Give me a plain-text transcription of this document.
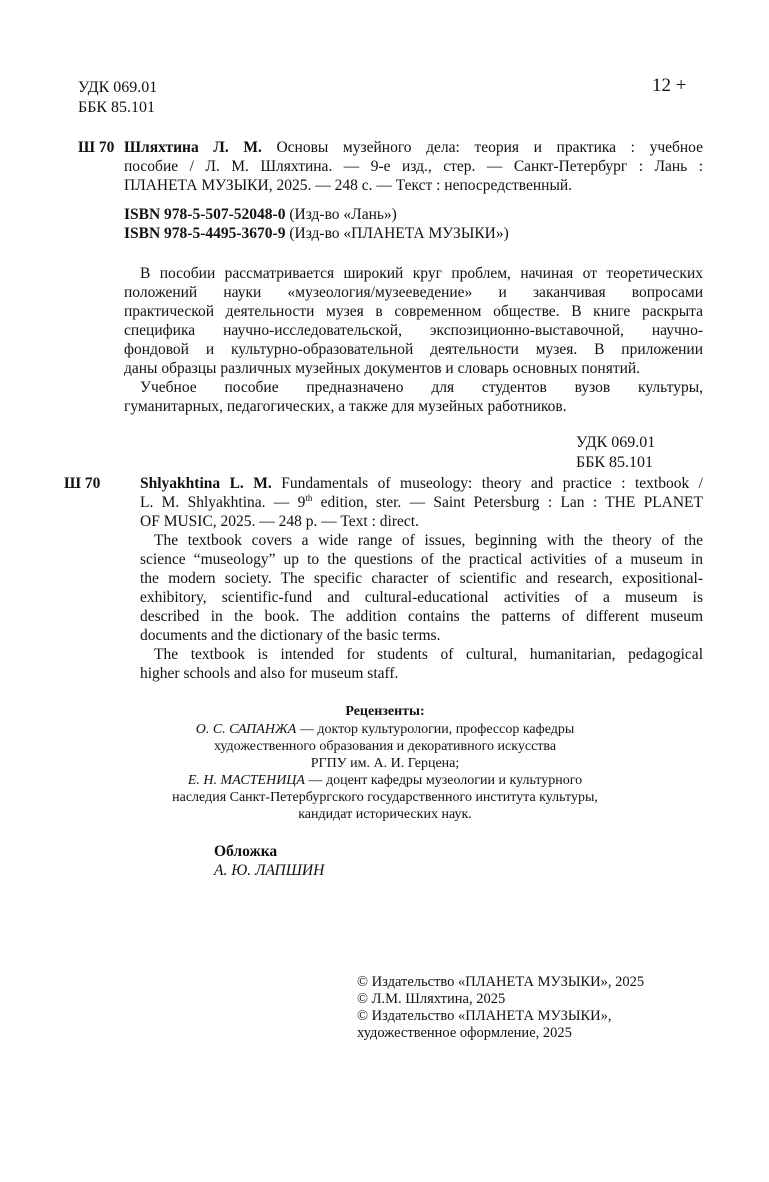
УДК 069.01
ББК 85.101
12 +
Ш 70 Шляхтина Л. М. Основы музейного дела: теория и практика : учебное
пособие / Л. М. Шляхтина. — 9-е изд., стер. — Санкт-Петербург : Лань :
ПЛАНЕТА МУЗЫКИ, 2025. — 248 с. — Текст : непосредственный.
ISBN 978-5-507-52048-0 (Изд-во «Лань»)
ISBN 978-5-4495-3670-9 (Изд-во «ПЛАНЕТА МУЗЫКИ»)
В пособии рассматривается широкий круг проблем, начиная от теоретических
положений науки «музеология/музееведение» и заканчивая вопросами
практической деятельности музея в современном обществе. В книге раскрыта
специфика научно-исследовательской, экспозиционно-выставочной, научно-
фондовой и культурно-образовательной деятельности музея. В приложении
даны образцы различных музейных документов и словарь основных понятий.
Учебное пособие предназначено для студентов вузов культуры,
гуманитарных, педагогических, а также для музейных работников.
УДК 069.01
ББК 85.101
Ш 70	Shlyakhtina L. M. Fundamentals of museology: theory and practice : textbook /
L. M. Shlyakhtina. — 9th edition, ster. — Saint Petersburg : Lan : THE PLANET
OF MUSIC, 2025. — 248 p. — Text : direct.
The textbook covers a wide range of issues, beginning with the theory of the
science “museology” up to the questions of the practical activities of a museum in
the modern society. The specific character of scientific and research, expositional-
exhibitory, scientific-fund and cultural-educational activities of a museum is
described in the book. The addition contains the patterns of different museum
documents and the dictionary of the basic terms.
The textbook is intended for students of cultural, humanitarian, pedagogical
higher schools and also for museum staff.
Рецензенты:
О. С. САПАНЖА — доктор культурологии, профессор кафедры
художественного образования и декоративного искусства
РГПУ им. А. И. Герцена;
Е. Н. МАСТЕНИЦА — доцент кафедры музеологии и культурного
наследия Санкт-Петербургского государственного института культуры,
кандидат исторических наук.
Обложка
А. Ю. ЛАПШИН
© Издательство «ПЛАНЕТА МУЗЫКИ», 2025
© Л.М. Шляхтина, 2025
© Издательство «ПЛАНЕТА МУЗЫКИ»,
художественное оформление, 2025
